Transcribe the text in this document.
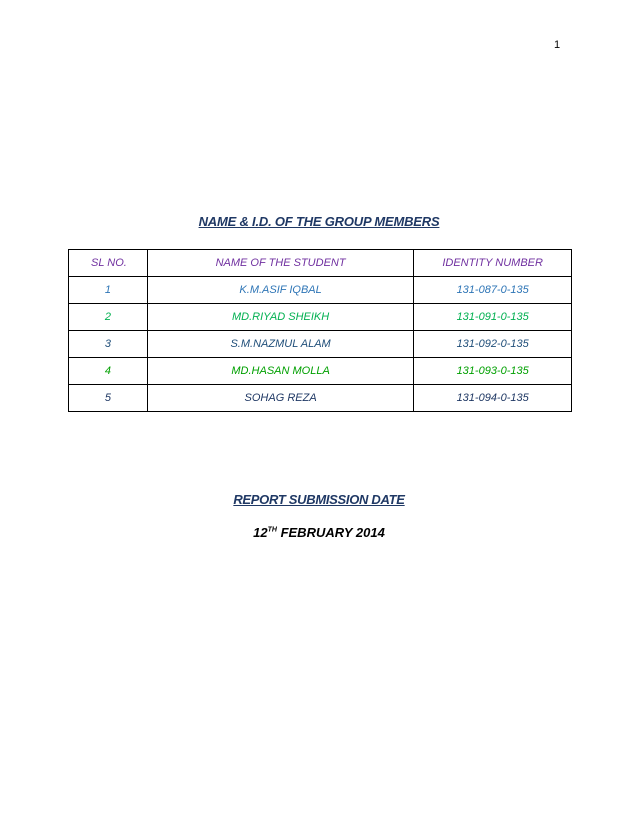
1
NAME & I.D. OF THE GROUP MEMBERS
SL NO.	NAME OF THE STUDENT	IDENTITY NUMBER
1	K.M.ASIF IQBAL	131-087-0-135
2	MD.RIYAD SHEIKH	131-091-0-135
3	S.M.NAZMUL ALAM	131-092-0-135
4	MD.HASAN MOLLA	131-093-0-135
5	SOHAG REZA	131-094-0-135
REPORT SUBMISSION DATE
12TH FEBRUARY 2014
